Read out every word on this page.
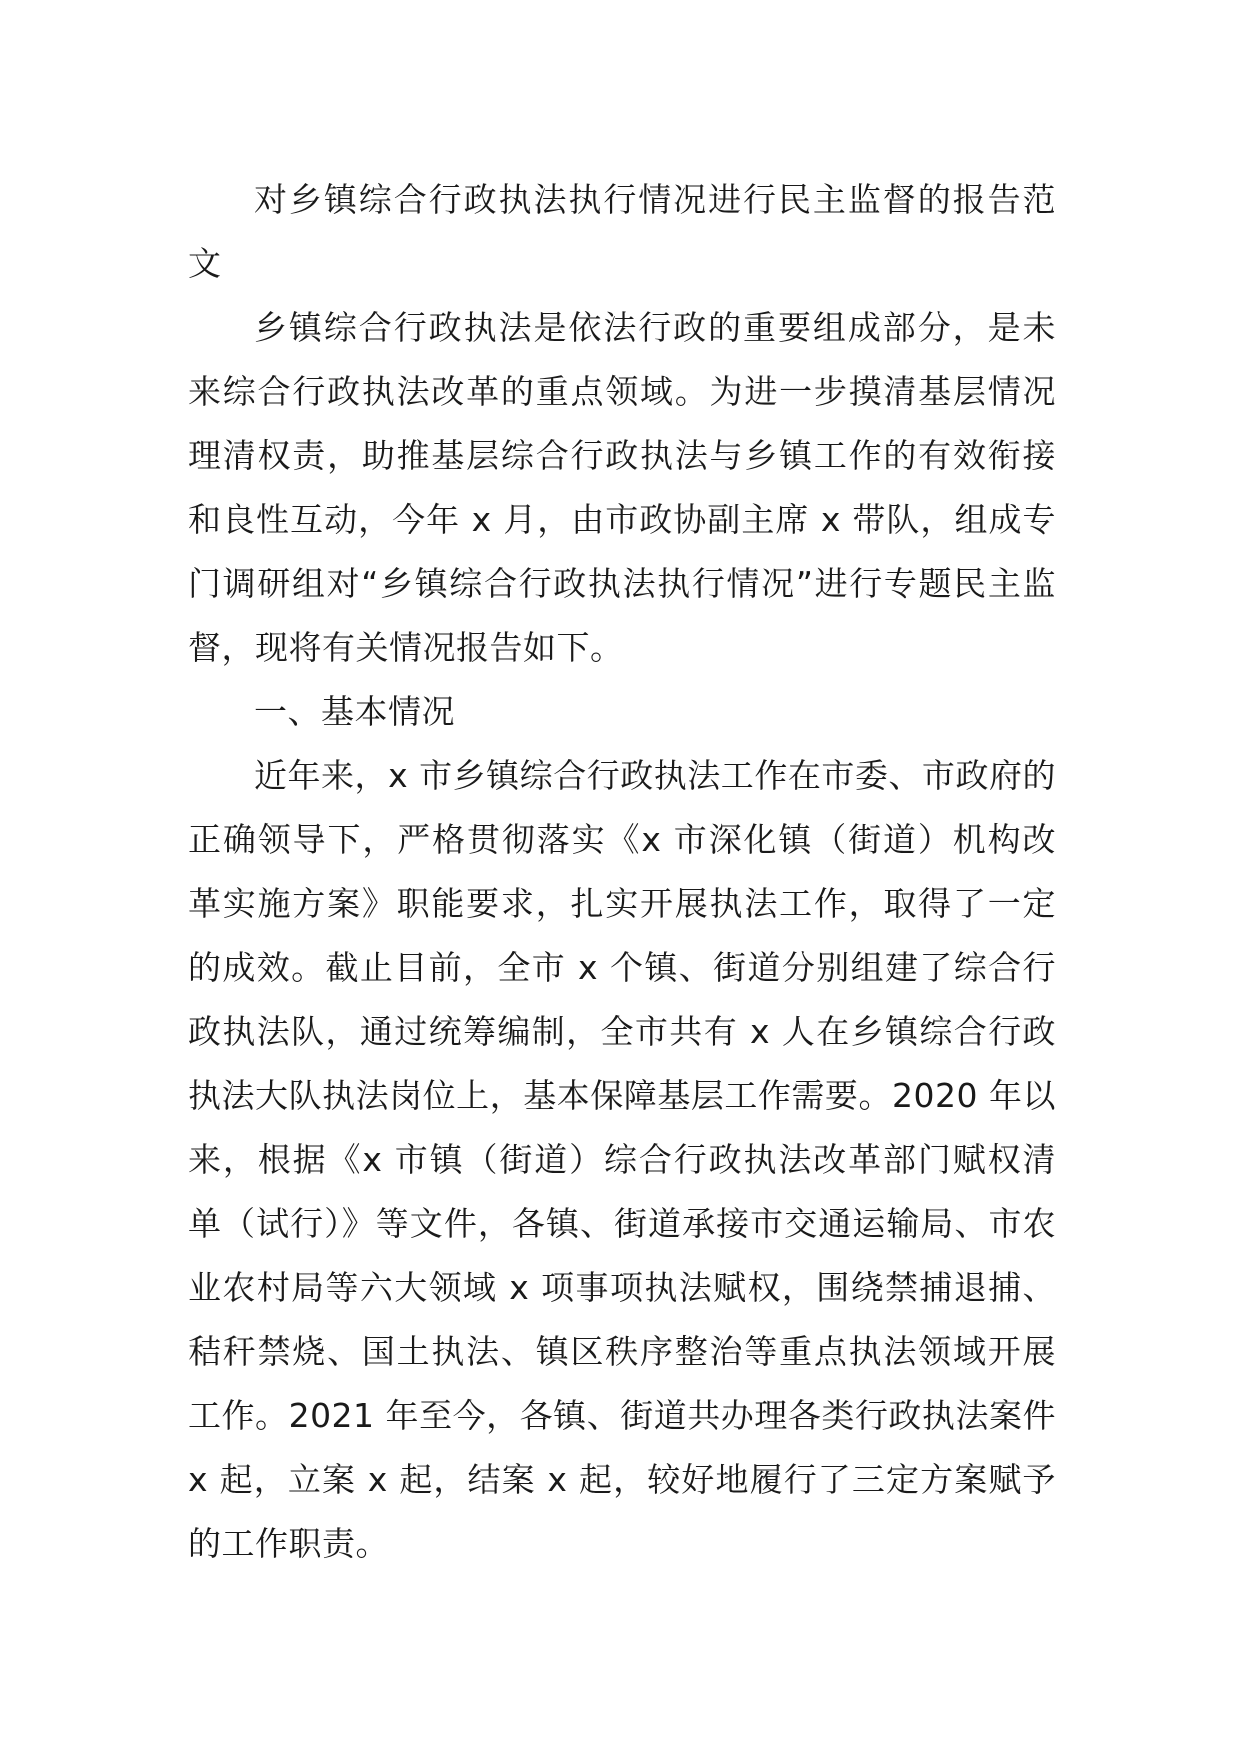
对乡镇综合行政执法执行情况进行民主监督的报告范文

乡镇综合行政执法是依法行政的重要组成部分，是未来综合行政执法改革的重点领域。为进一步摸清基层情况理清权责，助推基层综合行政执法与乡镇工作的有效衔接和良性互动，今年 x 月，由市政协副主席 x 带队，组成专门调研组对“乡镇综合行政执法执行情况”进行专题民主监督，现将有关情况报告如下。

一、基本情况

近年来，x 市乡镇综合行政执法工作在市委、市政府的正确领导下，严格贯彻落实《x 市深化镇（街道）机构改革实施方案》职能要求，扎实开展执法工作，取得了一定的成效。截止目前，全市 x 个镇、街道分别组建了综合行政执法队，通过统筹编制，全市共有 x 人在乡镇综合行政执法大队执法岗位上，基本保障基层工作需要。2020 年以来，根据《x 市镇（街道）综合行政执法改革部门赋权清单（试行）》等文件，各镇、街道承接市交通运输局、市农业农村局等六大领域 x 项事项执法赋权，围绕禁捕退捕、秸秆禁烧、国土执法、镇区秩序整治等重点执法领域开展工作。2021 年至今，各镇、街道共办理各类行政执法案件 x 起，立案 x 起，结案 x 起，较好地履行了三定方案赋予的工作职责。
